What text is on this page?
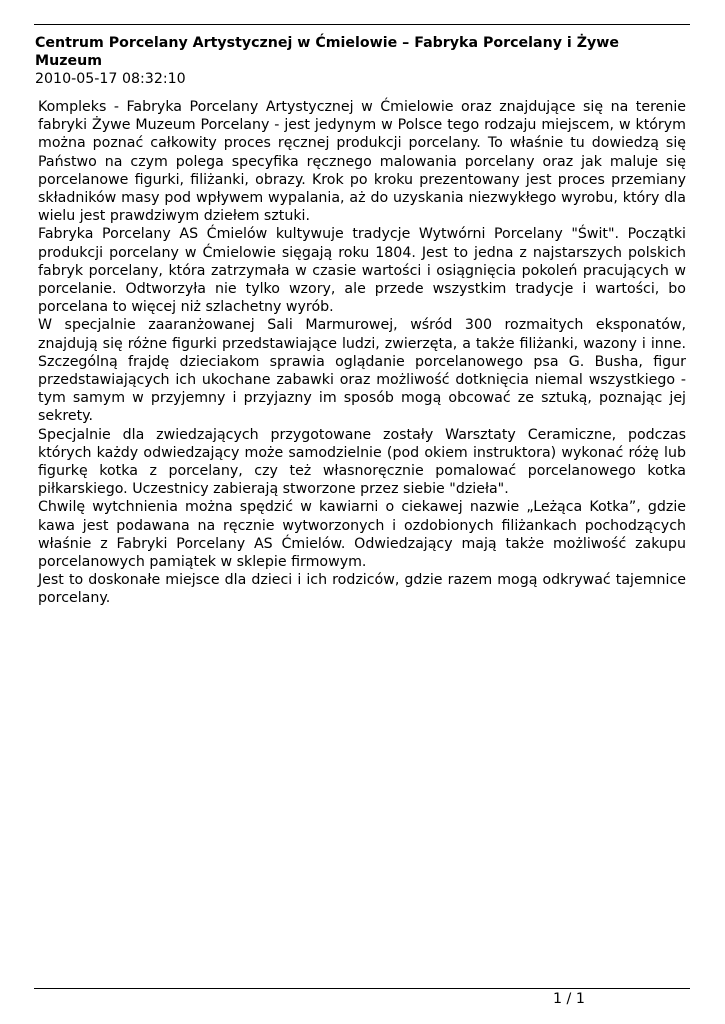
Centrum Porcelany Artystycznej w Ćmielowie – Fabryka Porcelany i Żywe Muzeum
2010-05-17 08:32:10

Kompleks - Fabryka Porcelany Artystycznej w Ćmielowie oraz znajdujące się na terenie fabryki Żywe Muzeum Porcelany - jest jedynym w Polsce tego rodzaju miejscem, w którym można poznać całkowity proces ręcznej produkcji porcelany. To właśnie tu dowiedzą się Państwo na czym polega specyfika ręcznego malowania porcelany oraz jak maluje się porcelanowe figurki, filiżanki, obrazy. Krok po kroku prezentowany jest proces przemiany składników masy pod wpływem wypalania, aż do uzyskania niezwykłego wyrobu, który dla wielu jest prawdziwym dziełem sztuki.

Fabryka Porcelany AS Ćmielów kultywuje tradycje Wytwórni Porcelany "Świt". Początki produkcji porcelany w Ćmielowie sięgają roku 1804. Jest to jedna z najstarszych polskich fabryk porcelany, która zatrzymała w czasie wartości i osiągnięcia pokoleń pracujących w porcelanie. Odtworzyła nie tylko wzory, ale przede wszystkim tradycje i wartości, bo porcelana to więcej niż szlachetny wyrób.

W specjalnie zaaranżowanej Sali Marmurowej, wśród 300 rozmaitych eksponatów, znajdują się różne figurki przedstawiające ludzi, zwierzęta, a także filiżanki, wazony i inne. Szczególną frajdę dzieciakom sprawia oglądanie porcelanowego psa G. Busha, figur przedstawiających ich ukochane zabawki oraz możliwość dotknięcia niemal wszystkiego - tym samym w przyjemny i przyjazny im sposób mogą obcować ze sztuką, poznając jej sekrety.

Specjalnie dla zwiedzających przygotowane zostały Warsztaty Ceramiczne, podczas których każdy odwiedzający może samodzielnie (pod okiem instruktora) wykonać różę lub figurkę kotka z porcelany, czy też własnoręcznie pomalować porcelanowego kotka piłkarskiego. Uczestnicy zabierają stworzone przez siebie "dzieła".

Chwilę wytchnienia można spędzić w kawiarni o ciekawej nazwie „Leżąca Kotka”, gdzie kawa jest podawana na ręcznie wytworzonych i ozdobionych filiżankach pochodzących właśnie z Fabryki Porcelany AS Ćmielów. Odwiedzający mają także możliwość zakupu porcelanowych pamiątek w sklepie firmowym.

Jest to doskonałe miejsce dla dzieci i ich rodziców, gdzie razem mogą odkrywać tajemnice porcelany.

1 / 1
